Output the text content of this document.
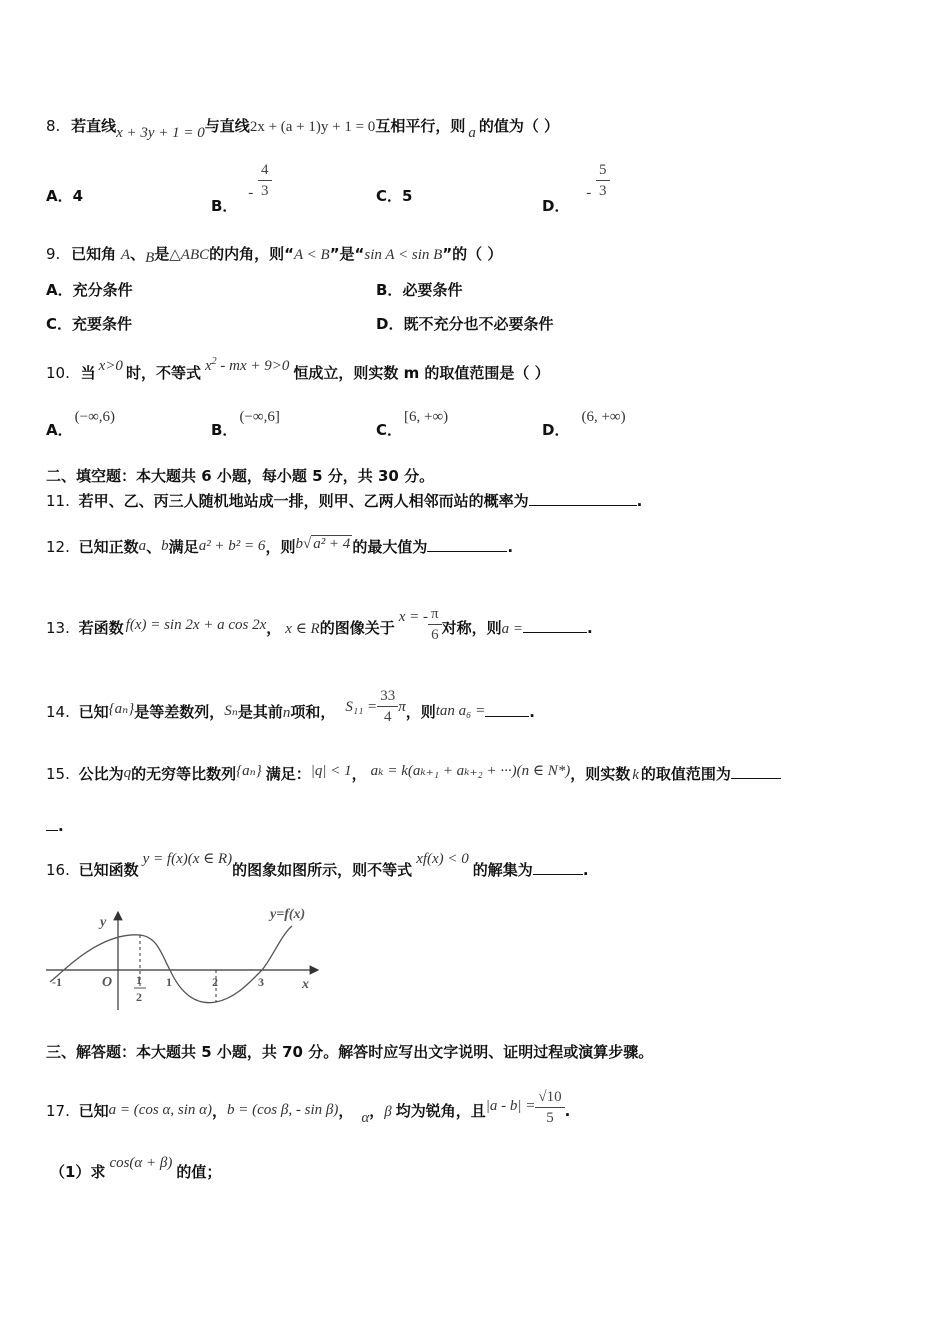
8. 若直线x + 3y + 1 = 0与直线2x + (a + 1)y + 1 = 0互相平行，则 a 的值为（ ）
A．4
B． - $\frac{4}{3}$	C．5
D． - $\frac{5}{3}$
9. 已知角 A、B是△ABC的内角，则“A < B”是“sin A < sin B”的（ ）
A．充分条件	B．必要条件
C．充要条件	D．既不充分也不必要条件
10. 当 x>0 时，不等式 $x^2$ - mx + 9>0 恒成立，则实数 m 的取值范围是（ ）
A．(−∞,6)
B．(−∞,6]
C．[6, +∞)
D．(6, +∞)
二、填空题：本大题共 6 小题，每小题 5 分，共 30 分。
11. 若甲、乙、丙三人随机地站成一排，则甲、乙两人相邻而站的概率为	.
12. 已知正数a、b满足a² + b² = 6，则b√ a² + 4 的最大值为	.
13. 若函数 f(x) = sin 2x + a cos 2x， x ∈ R的图像关于x = - $\frac{\pi}{6}$ 对称，则a =	.
14. 已知{aₙ}是等差数列，Sₙ是其前n项和， $S_{11} = \frac{33}{4}$ π，则tan a₆ =	.
15. 公比为q的无穷等比数列{aₙ} 满足：|q| < 1， aₖ = k(aₖ₊₁ + aₖ₊₂ + ···)(n ∈ N*)，则实数 k 的取值范围为
.
16. 已知函数y = f(x)(x ∈ R)的图象如图所示，则不等式xf(x) < 0的解集为	.
y=f(x)
y
x
O
-1	1
2
1	2	3
三、解答题：本大题共 5 小题，共 70 分。解答时应写出文字说明、证明过程或演算步骤。
17. 已知a = (cos α, sin α)，b = (cos β, - sin β)， α，β 均为锐角，且$|a - b| = \frac{√10}{5}$ .
（1）求 cos(α + β) 的值；
